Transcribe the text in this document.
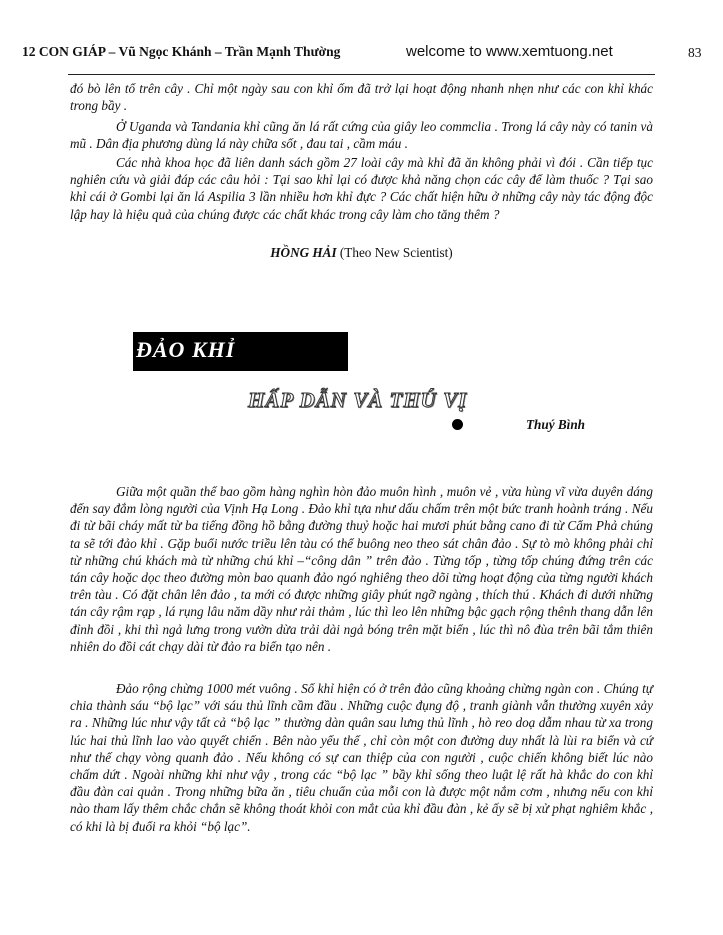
12 CON GIÁP – Vũ Ngọc Khánh – Trần Mạnh Thường	welcome to www.xemtuong.net	83

đó bò lên tổ trên cây . Chỉ một ngày sau con khỉ ốm đã trở lại hoạt động nhanh nhẹn như các con khỉ khác trong bầy .

Ở Uganda và Tandania khỉ cũng ăn lá rất cứng của giây leo commclia . Trong lá cây này có tanin và mũ . Dân địa phương dùng lá này chữa sốt , đau tai , cầm máu .

Các nhà khoa học đã liên danh sách gồm 27 loài cây mà khỉ đã ăn không phải vì đói . Cần tiếp tục nghiên cứu và giải đáp các câu hỏi : Tại sao khỉ lại có được khả năng chọn các cây để làm thuốc ? Tại sao khỉ cái ở Gombi lại ăn lá Aspilia 3 lần nhiều hơn khỉ đực ? Các chất hiện hữu ở những cây này tác động độc lập hay là hiệu quả của chúng được các chất khác trong cây làm cho tăng thêm ?

HỒNG HẢI (Theo New Scientist)
ĐẢO KHỈ
HẤP DẪN VÀ THÚ VỊ
Thuý Bình

Giữa một quần thể bao gồm hàng nghìn hòn đảo muôn hình , muôn vẻ , vừa hùng vĩ vừa duyên dáng đến say đắm lòng người của Vịnh Hạ Long . Đảo khỉ tựa như dấu chấm trên một bức tranh hoành tráng . Nếu đi từ bãi cháy mất từ ba tiếng đồng hồ bằng đường thuỷ hoặc hai mươi phút bằng cano đi từ Cẩm Phả chúng ta sẽ tới đảo khỉ . Gặp buổi nước triều lên tàu có thể buông neo theo sát chân đảo . Sự tò mò không phải chỉ từ những chú khách mà từ những chú khỉ –“công dân ” trên đảo . Từng tốp , từng tốp chúng đứng trên các tán cây hoặc dọc theo đường mòn bao quanh đảo ngó nghiêng theo dõi từng hoạt động của từng người khách trên tàu . Có đặt chân lên đảo , ta mới có được những giây phút ngỡ ngàng , thích thú . Khách đi dưới những tán cây rậm rạp , lá rụng lâu năm dầy như rải thảm , lúc thì leo lên những bậc gạch rộng thênh thang dẫn lên đỉnh đồi , khi thì ngả lưng trong vườn dừa trải dài ngả bóng trên mặt biển , lúc thì nô đùa trên bãi tắm thiên nhiên do đồi cát chạy dài từ đảo ra biển tạo nên .

Đảo rộng chừng 1000 mét vuông . Số khỉ hiện có ở trên đảo cũng khoảng chừng ngàn con . Chúng tự chia thành sáu “bộ lạc” với sáu thủ lĩnh cầm đầu . Những cuộc đụng độ , tranh giành vẫn thường xuyên xảy ra . Những lúc như vậy tất cả “bộ lạc ” thường dàn quân sau lưng thủ lĩnh , hò reo doạ dẫm nhau từ xa trong lúc hai thủ lĩnh lao vào quyết chiến . Bên nào yếu thế , chỉ còn một con đường duy nhất là lùi ra biển và cứ như thế chạy vòng quanh đảo . Nếu không có sự can thiệp của con người , cuộc chiến không biết lúc nào chấm dứt . Ngoài những khi như vậy , trong các “bộ lạc ” bầy khỉ sống theo luật lệ rất hà khắc do con khỉ đầu đàn cai quản . Trong những bữa ăn , tiêu chuẩn của mỗi con là được một nắm cơm , nhưng nếu con khỉ nào tham lấy thêm chắc chắn sẽ không thoát khỏi con mắt của khỉ đầu đàn , kẻ ấy sẽ bị xử phạt nghiêm khắc , có khi là bị đuổi ra khỏi “bộ lạc”.
